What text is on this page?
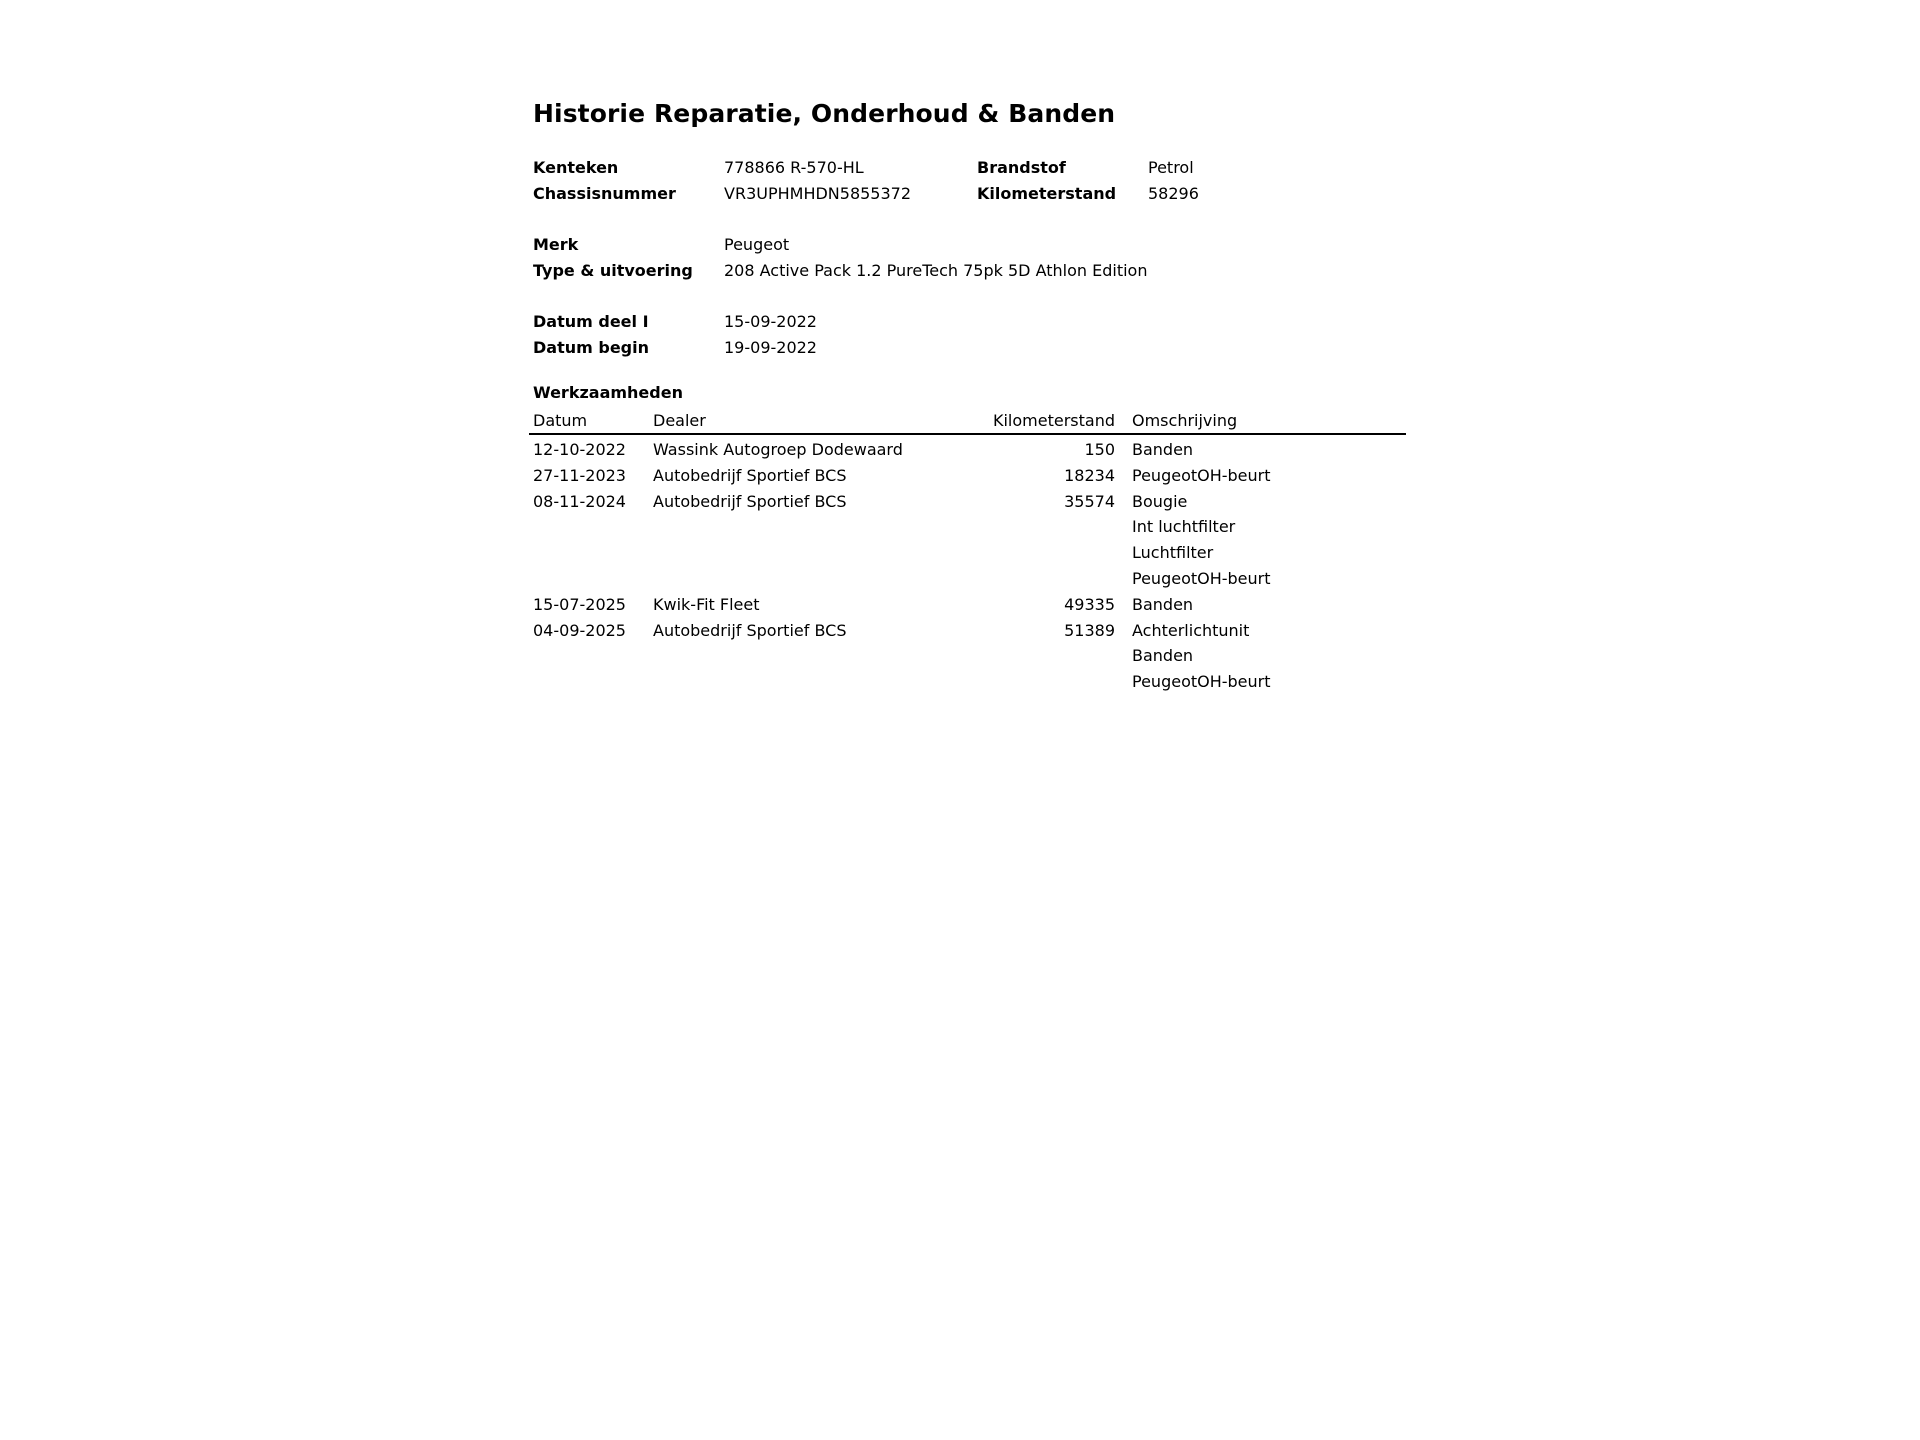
Historie Reparatie, Onderhoud & Banden
Kenteken	778866 R-570-HL	Brandstof	Petrol
Chassisnummer	VR3UPHMHDN5855372	Kilometerstand 58296
Merk	Peugeot
Type & uitvoering 208 Active Pack 1.2 PureTech 75pk 5D Athlon Edition
Datum deel I	15-09-2022
Datum begin	19-09-2022
Werkzaamheden
Datum	Dealer	Kilometerstand Omschrijving
12-10-2022 Wassink Autogroep Dodewaard	150 Banden
27-11-2023 Autobedrijf Sportief BCS	18234 PeugeotOH-beurt
08-11-2024 Autobedrijf Sportief BCS	35574 Bougie
Int luchtfilter
Luchtfilter
PeugeotOH-beurt
15-07-2025 Kwik-Fit Fleet	49335 Banden
04-09-2025 Autobedrijf Sportief BCS	51389 Achterlichtunit
Banden
PeugeotOH-beurt
